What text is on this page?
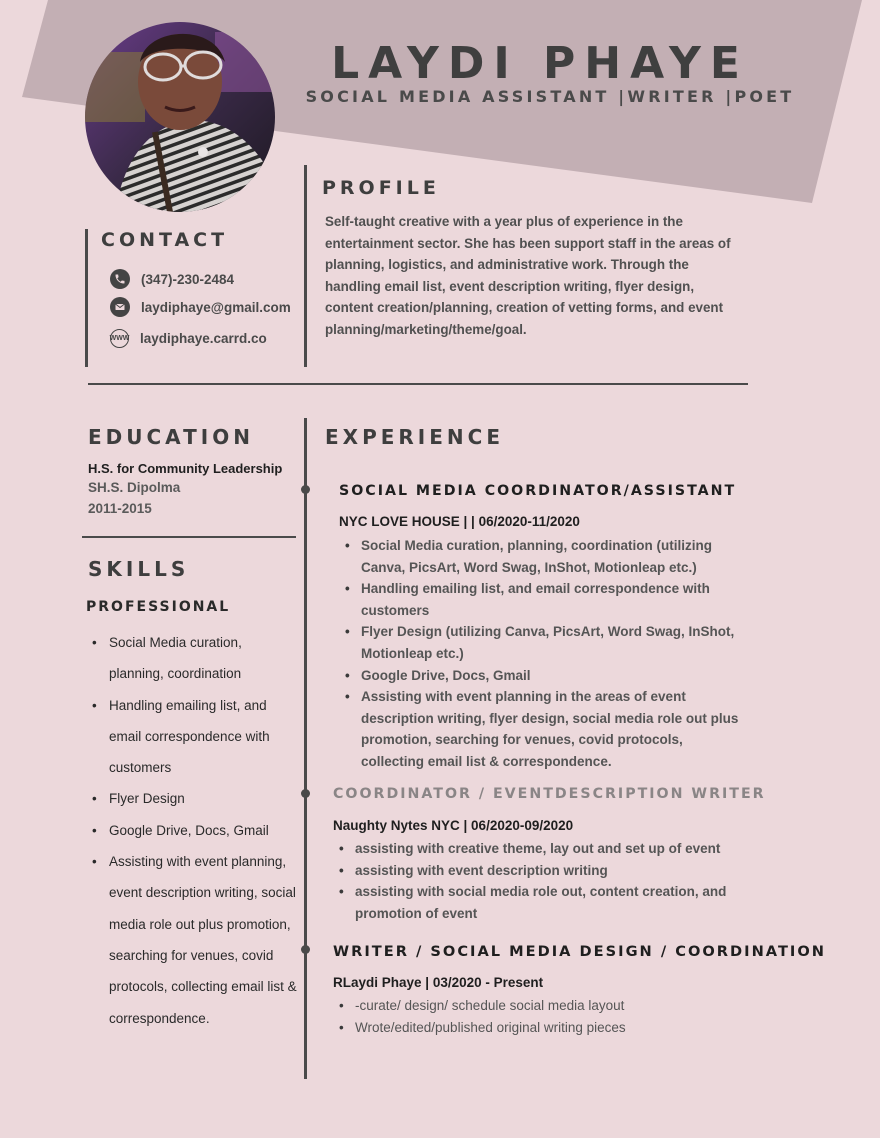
LAYDI PHAYE
SOCIAL MEDIA ASSISTANT |WRITER |POET
PROFILE
Self-taught creative with a year plus of experience in the entertainment sector. She has been support staff in the areas of planning, logistics, and administrative work. Through the handling email list, event description writing, flyer design, content creation/planning, creation of vetting forms, and event planning/marketing/theme/goal.
CONTACT
(347)-230-2484
laydiphaye@gmail.com
WWW laydiphaye.carrd.co
EDUCATION
H.S. for Community Leadership
SH.S. Dipolma
2011-2015
SKILLS
PROFESSIONAL
• Social Media curation, planning, coordination
• Handling emailing list, and email correspondence with customers
• Flyer Design
• Google Drive, Docs, Gmail
• Assisting with event planning, event description writing, social media role out plus promotion, searching for venues, covid protocols, collecting email list & correspondence.
EXPERIENCE
SOCIAL MEDIA COORDINATOR/ASSISTANT
NYC LOVE HOUSE | | 06/2020-11/2020
• Social Media curation, planning, coordination (utilizing Canva, PicsArt, Word Swag, InShot, Motionleap etc.)
• Handling emailing list, and email correspondence with customers
• Flyer Design (utilizing Canva, PicsArt, Word Swag, InShot, Motionleap etc.)
• Google Drive, Docs, Gmail
• Assisting with event planning in the areas of event description writing, flyer design, social media role out plus promotion, searching for venues, covid protocols, collecting email list & correspondence.
COORDINATOR / EVENTDESCRIPTION WRITER
Naughty Nytes NYC | 06/2020-09/2020
• assisting with creative theme, lay out and set up of event
• assisting with event description writing
• assisting with social media role out, content creation, and promotion of event
WRITER / SOCIAL MEDIA DESIGN / COORDINATION
RLaydi Phaye | 03/2020 - Present
• -curate/ design/ schedule social media layout
• Wrote/edited/published original writing pieces
